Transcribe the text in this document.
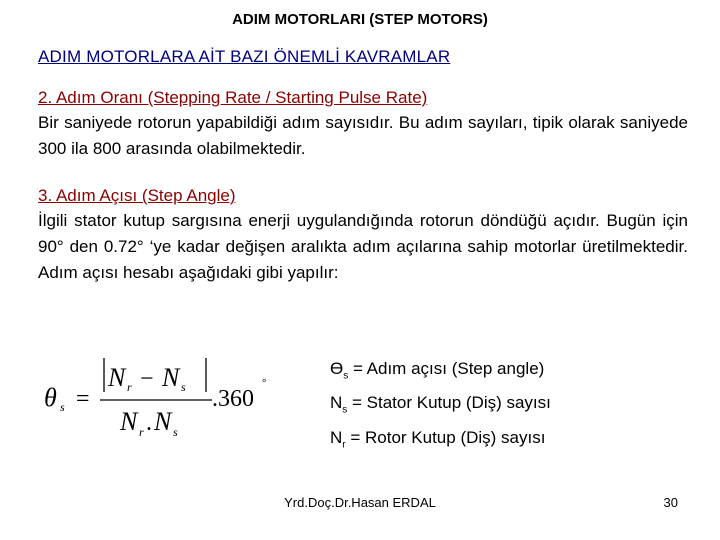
ADIM MOTORLARI (STEP MOTORS)
ADIM MOTORLARA AİT BAZI ÖNEMLİ KAVRAMLAR
2. Adım Oranı (Stepping Rate / Starting Pulse Rate)
Bir saniyede rotorun yapabildiği adım sayısıdır. Bu adım sayıları, tipik olarak saniyede 300 ila 800 arasında olabilmektedir.
3. Adım Açısı (Step Angle)
İlgili stator kutup sargısına enerji uygulandığında rotorun döndüğü açıdır. Bugün için 90° den 0.72° ‘ye kadar değişen aralıkta adım açılarına sahip motorlar üretilmektedir. Adım açısı hesabı aşağıdaki gibi yapılır:
θ s =
N r − N s
N r . N s
.360
°
$Ɵ_s$ = Adım açısı (Step angle)
$N_s$ = Stator Kutup (Diş) sayısı
$N_r$ = Rotor Kutup (Diş) sayısı
Yrd.Doç.Dr.Hasan ERDAL	30
